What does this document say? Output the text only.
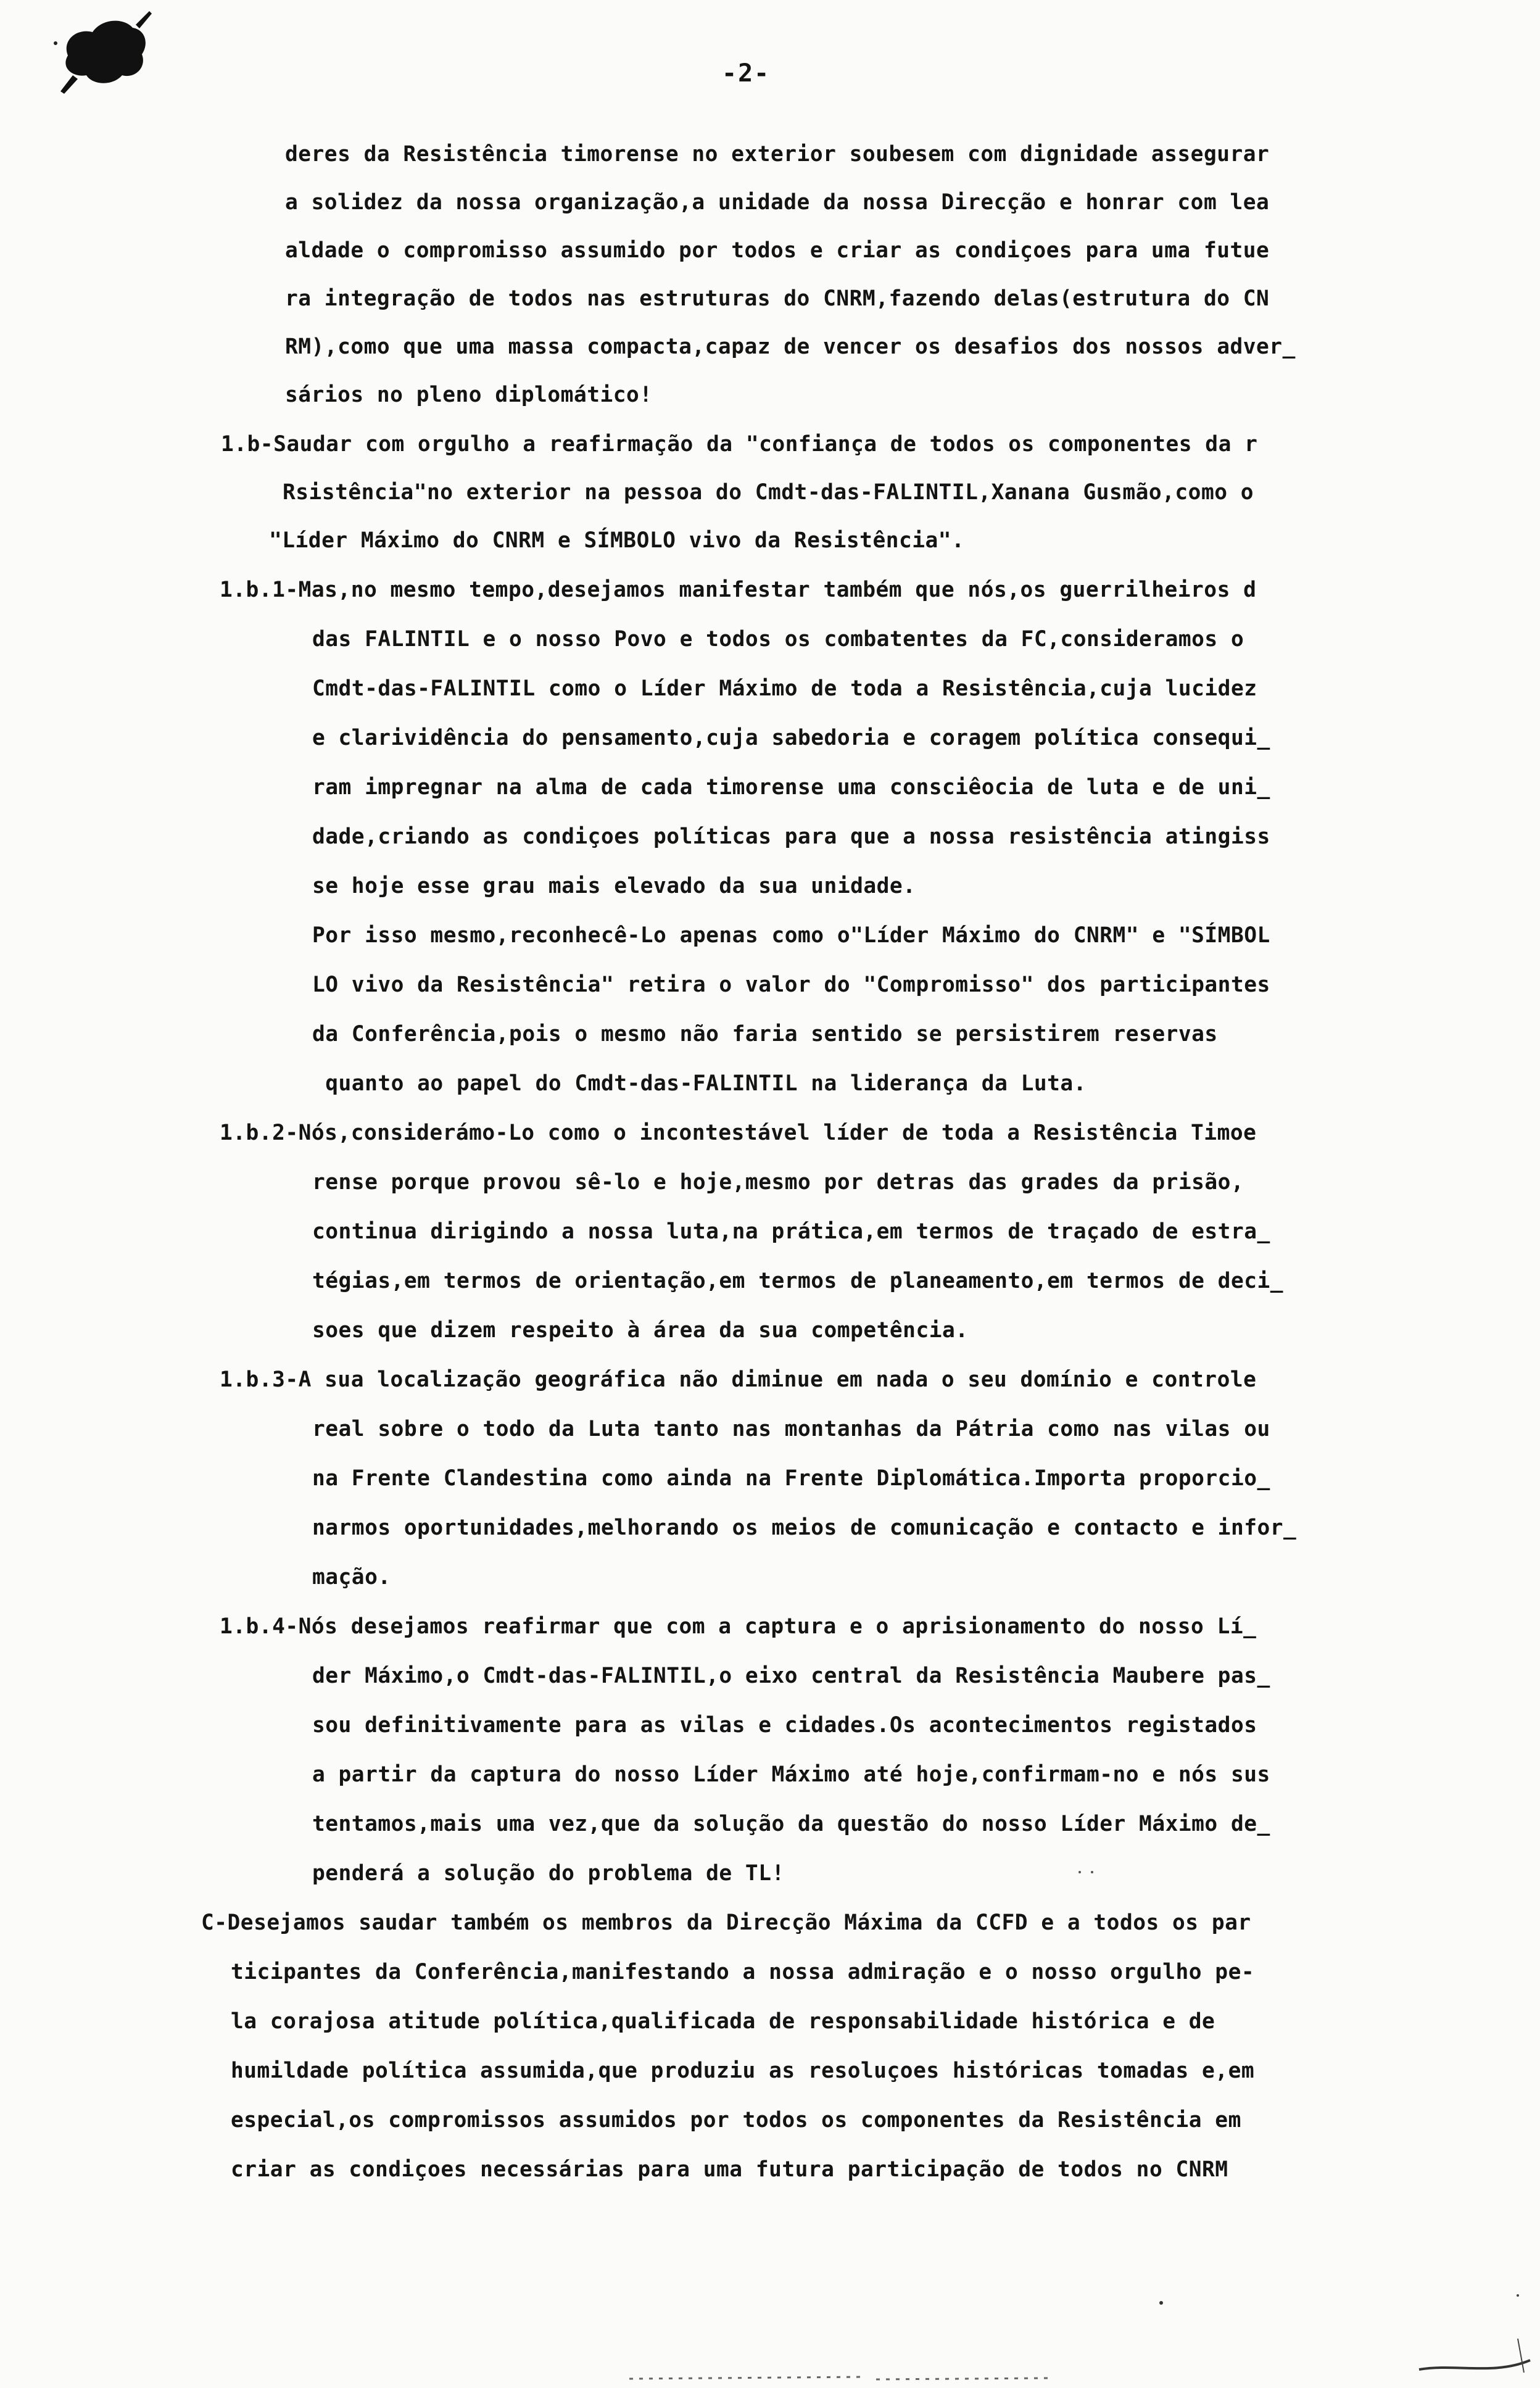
-2-
deres da Resistência timorense no exterior soubesem com dignidade assegurar
a solidez da nossa organização,a unidade da nossa Direcção e honrar com lea
aldade o compromisso assumido por todos e criar as condiçoes para uma futue
ra integração de todos nas estruturas do CNRM,fazendo delas(estrutura do CN
RM),como que uma massa compacta,capaz de vencer os desafios dos nossos adver_
sários no pleno diplomático!
1.b-Saudar com orgulho a reafirmação da "confiança de todos os componentes da r
Rsistência"no exterior na pessoa do Cmdt-das-FALINTIL,Xanana Gusmão,como o
"Líder Máximo do CNRM e SÍMBOLO vivo da Resistência".
1.b.1-Mas,no mesmo tempo,desejamos manifestar também que nós,os guerrilheiros d
das FALINTIL e o nosso Povo e todos os combatentes da FC,consideramos o
Cmdt-das-FALINTIL como o Líder Máximo de toda a Resistência,cuja lucidez
e clarividência do pensamento,cuja sabedoria e coragem política consequi_
ram impregnar na alma de cada timorense uma consciêocia de luta e de uni_
dade,criando as condiçoes políticas para que a nossa resistência atingiss
se hoje esse grau mais elevado da sua unidade.
Por isso mesmo,reconhecê-Lo apenas como o"Líder Máximo do CNRM" e "SÍMBOL
LO vivo da Resistência" retira o valor do "Compromisso" dos participantes
da Conferência,pois o mesmo não faria sentido se persistirem reservas
quanto ao papel do Cmdt-das-FALINTIL na liderança da Luta.
1.b.2-Nós,considerámo-Lo como o incontestável líder de toda a Resistência Timoe
rense porque provou sê-lo e hoje,mesmo por detras das grades da prisão,
continua dirigindo a nossa luta,na prática,em termos de traçado de estra_
tégias,em termos de orientação,em termos de planeamento,em termos de deci_
soes que dizem respeito à área da sua competência.
1.b.3-A sua localização geográfica não diminue em nada o seu domínio e controle
real sobre o todo da Luta tanto nas montanhas da Pátria como nas vilas ou
na Frente Clandestina como ainda na Frente Diplomática.Importa proporcio_
narmos oportunidades,melhorando os meios de comunicação e contacto e infor_
mação.
1.b.4-Nós desejamos reafirmar que com a captura e o aprisionamento do nosso Lí_
der Máximo,o Cmdt-das-FALINTIL,o eixo central da Resistência Maubere pas_
sou definitivamente para as vilas e cidades.Os acontecimentos registados
a partir da captura do nosso Líder Máximo até hoje,confirmam-no e nós sus
tentamos,mais uma vez,que da solução da questão do nosso Líder Máximo de_
penderá a solução do problema de TL!
C-Desejamos saudar também os membros da Direcção Máxima da CCFD e a todos os par
ticipantes da Conferência,manifestando a nossa admiração e o nosso orgulho pe-
la corajosa atitude política,qualificada de responsabilidade histórica e de
humildade política assumida,que produziu as resoluçoes históricas tomadas e,em
especial,os compromissos assumidos por todos os componentes da Resistência em
criar as condiçoes necessárias para uma futura participação de todos no CNRM
